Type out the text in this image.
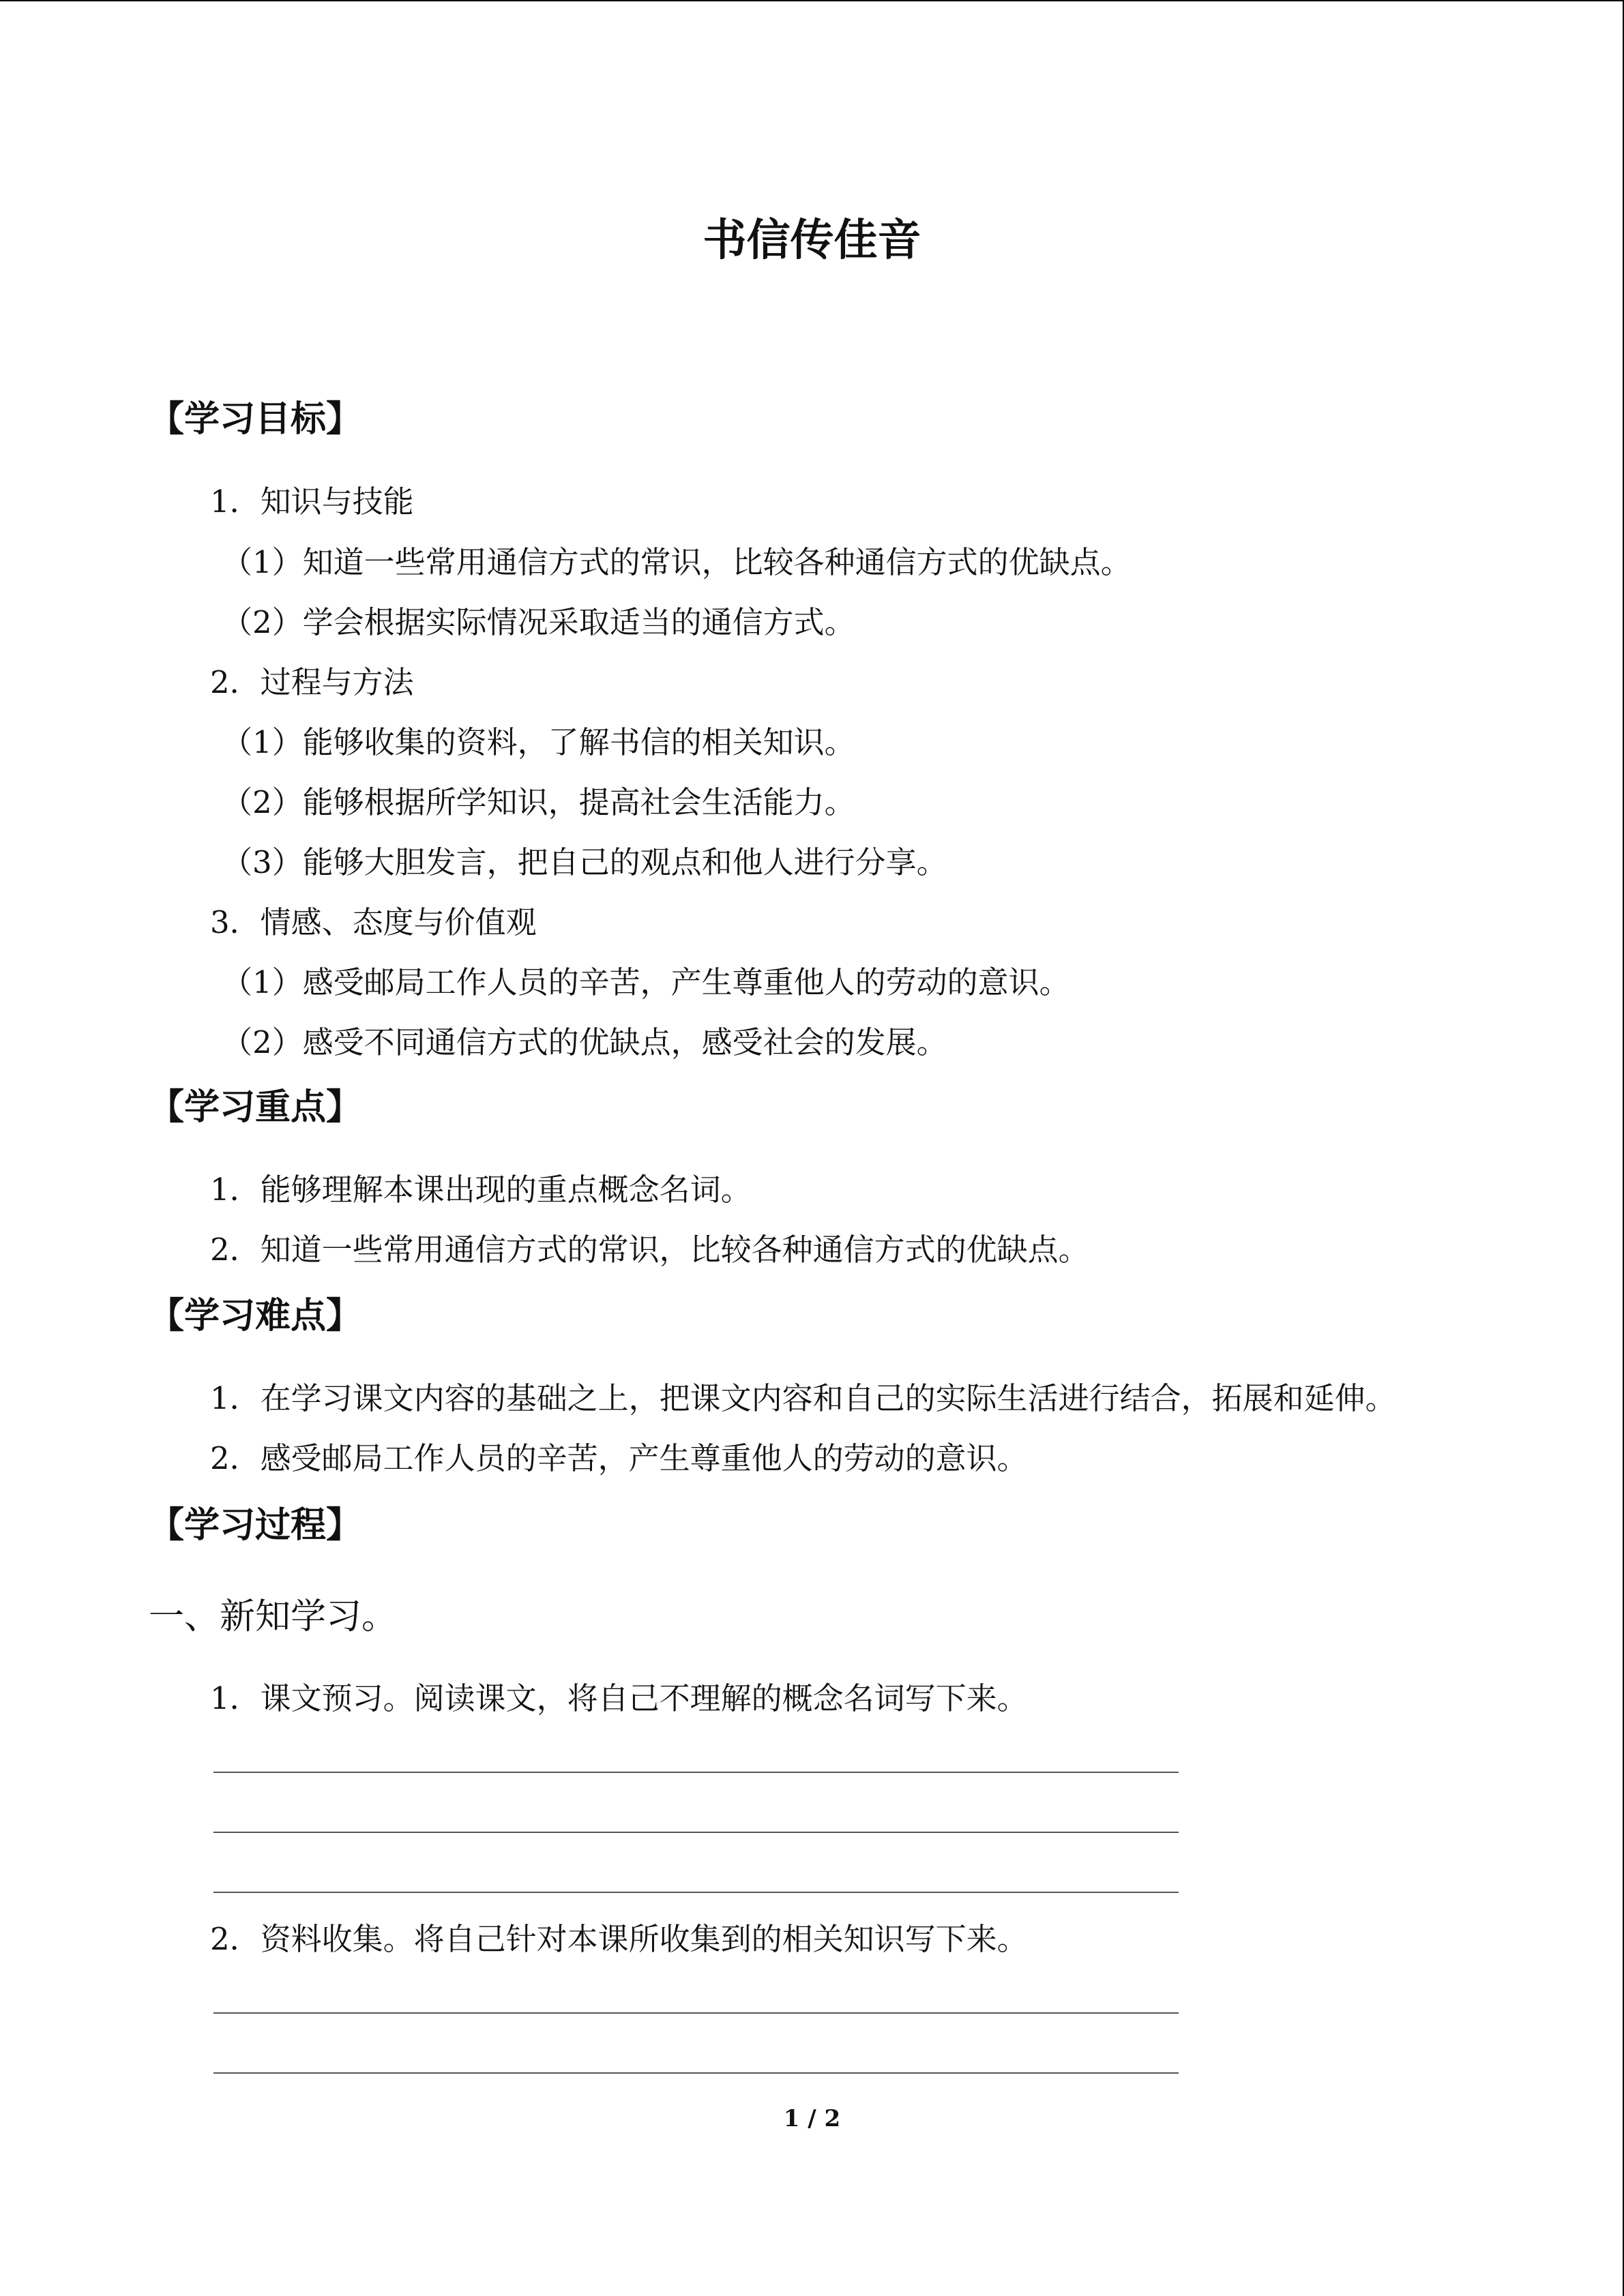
书信传佳音
【学习目标】
1．知识与技能
（1）知道一些常用通信方式的常识，比较各种通信方式的优缺点。
（2）学会根据实际情况采取适当的通信方式。
2．过程与方法
（1）能够收集的资料，了解书信的相关知识。
（2）能够根据所学知识，提高社会生活能力。
（3）能够大胆发言，把自己的观点和他人进行分享。
3．情感、态度与价值观
（1）感受邮局工作人员的辛苦，产生尊重他人的劳动的意识。
（2）感受不同通信方式的优缺点，感受社会的发展。
【学习重点】
1．能够理解本课出现的重点概念名词。
2．知道一些常用通信方式的常识，比较各种通信方式的优缺点。
【学习难点】
1．在学习课文内容的基础之上，把课文内容和自己的实际生活进行结合，拓展和延伸。
2．感受邮局工作人员的辛苦，产生尊重他人的劳动的意识。
【学习过程】
一、新知学习。
1．课文预习。阅读课文，将自己不理解的概念名词写下来。
2．资料收集。将自己针对本课所收集到的相关知识写下来。
1 / 2
